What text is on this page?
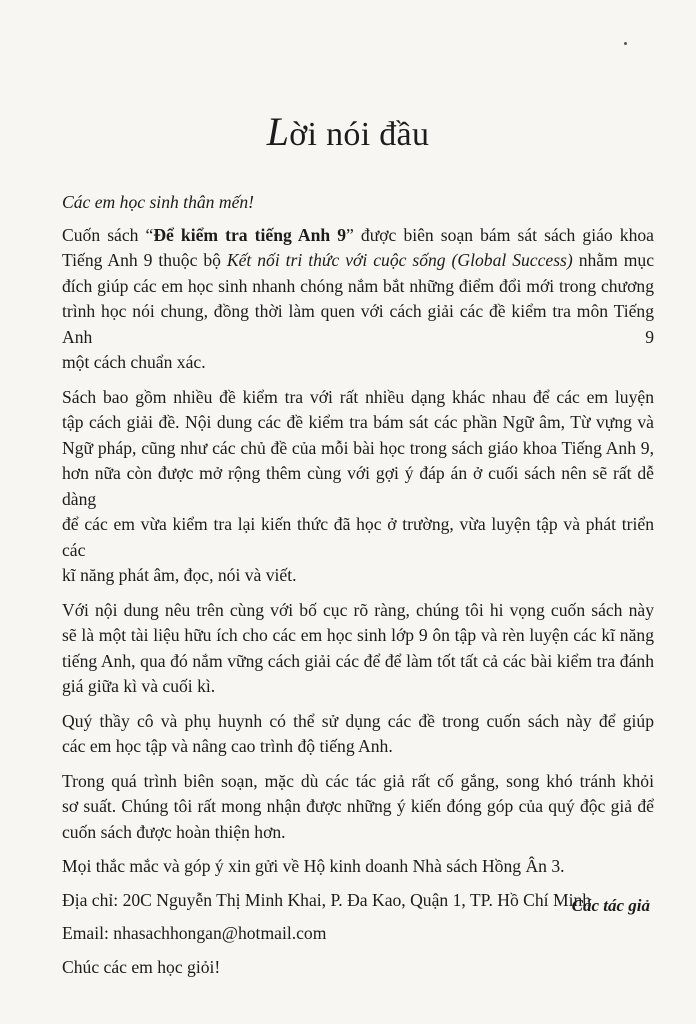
Lời nói đầu

Các em học sinh thân mến!

Cuốn sách “Để kiểm tra tiếng Anh 9” được biên soạn bám sát sách giáo khoa
Tiếng Anh 9 thuộc bộ Kết nối tri thức với cuộc sống (Global Success) nhằm mục
đích giúp các em học sinh nhanh chóng nắm bắt những điểm đổi mới trong chương
trình học nói chung, đồng thời làm quen với cách giải các đề kiểm tra môn Tiếng Anh 9
một cách chuẩn xác.

Sách bao gồm nhiều đề kiểm tra với rất nhiều dạng khác nhau để các em luyện
tập cách giải đề. Nội dung các đề kiểm tra bám sát các phần Ngữ âm, Từ vựng và
Ngữ pháp, cũng như các chủ đề của mỗi bài học trong sách giáo khoa Tiếng Anh 9,
hơn nữa còn được mở rộng thêm cùng với gợi ý đáp án ở cuối sách nên sẽ rất dễ dàng
để các em vừa kiểm tra lại kiến thức đã học ở trường, vừa luyện tập và phát triển các
kĩ năng phát âm, đọc, nói và viết.

Với nội dung nêu trên cùng với bố cục rõ ràng, chúng tôi hi vọng cuốn sách này
sẽ là một tài liệu hữu ích cho các em học sinh lớp 9 ôn tập và rèn luyện các kĩ năng
tiếng Anh, qua đó nắm vững cách giải các để để làm tốt tất cả các bài kiểm tra đánh
giá giữa kì và cuối kì.

Quý thầy cô và phụ huynh có thể sử dụng các đề trong cuốn sách này để giúp
các em học tập và nâng cao trình độ tiếng Anh.

Trong quá trình biên soạn, mặc dù các tác giả rất cố gắng, song khó tránh khỏi
sơ suất. Chúng tôi rất mong nhận được những ý kiến đóng góp của quý độc giả để
cuốn sách được hoàn thiện hơn.

Mọi thắc mắc và góp ý xin gửi về Hộ kinh doanh Nhà sách Hồng Ân 3.

Địa chỉ: 20C Nguyễn Thị Minh Khai, P. Đa Kao, Quận 1, TP. Hồ Chí Minh

Email: nhasachhongan@hotmail.com

Chúc các em học giỏi!

Các tác giả
